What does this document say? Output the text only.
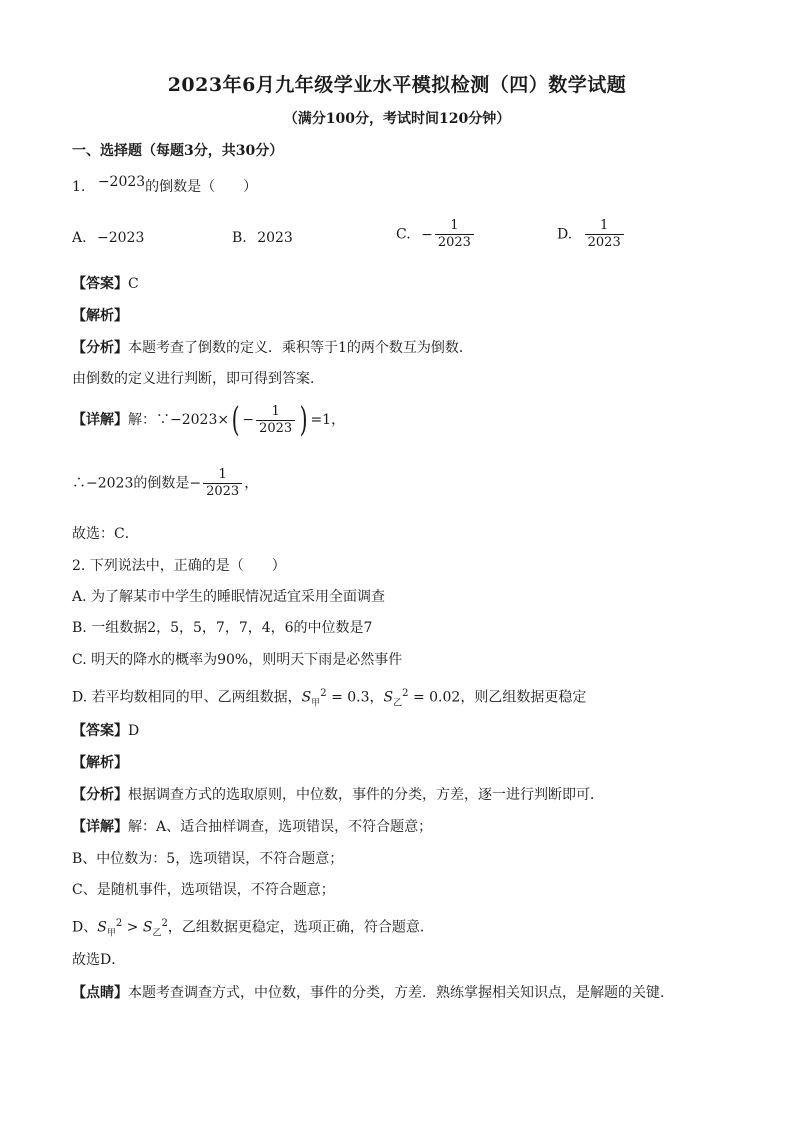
2023年6月九年级学业水平模拟检测（四）数学试题
（满分100分，考试时间120分钟）
一、选择题（每题3分，共30分）
1. −2023的倒数是（　　）
A. −2023	B. 2023	C. − $\frac{1}{2023}$	D. $\frac{1}{2023}$
【答案】C
【解析】
【分析】本题考查了倒数的定义．乘积等于1的两个数互为倒数．
由倒数的定义进行判断，即可得到答案．
【详解】解：∵−2023×( − $\frac{1}{2023}$ ) =1，
∴−2023的倒数是− $\frac{1}{2023}$ ，
故选：C．
2. 下列说法中，正确的是（　　）
A. 为了解某市中学生的睡眠情况适宜采用全面调查
B. 一组数据2，5，5，7，7，4，6的中位数是7
C. 明天的降水的概率为90%，则明天下雨是必然事件
D. 若平均数相同的甲、乙两组数据，$S_甲^2 = 0.3$，$S_乙^2 = 0.02$，则乙组数据更稳定
【答案】D
【解析】
【分析】根据调查方式的选取原则，中位数，事件的分类，方差，逐一进行判断即可．
【详解】解：A、适合抽样调查，选项错误，不符合题意；
B、中位数为：5，选项错误，不符合题意；
C、是随机事件，选项错误，不符合题意；
D、$S_甲^2 > S_乙^2$，乙组数据更稳定，选项正确，符合题意．
故选D．
【点睛】本题考查调查方式，中位数，事件的分类，方差．熟练掌握相关知识点，是解题的关键．
